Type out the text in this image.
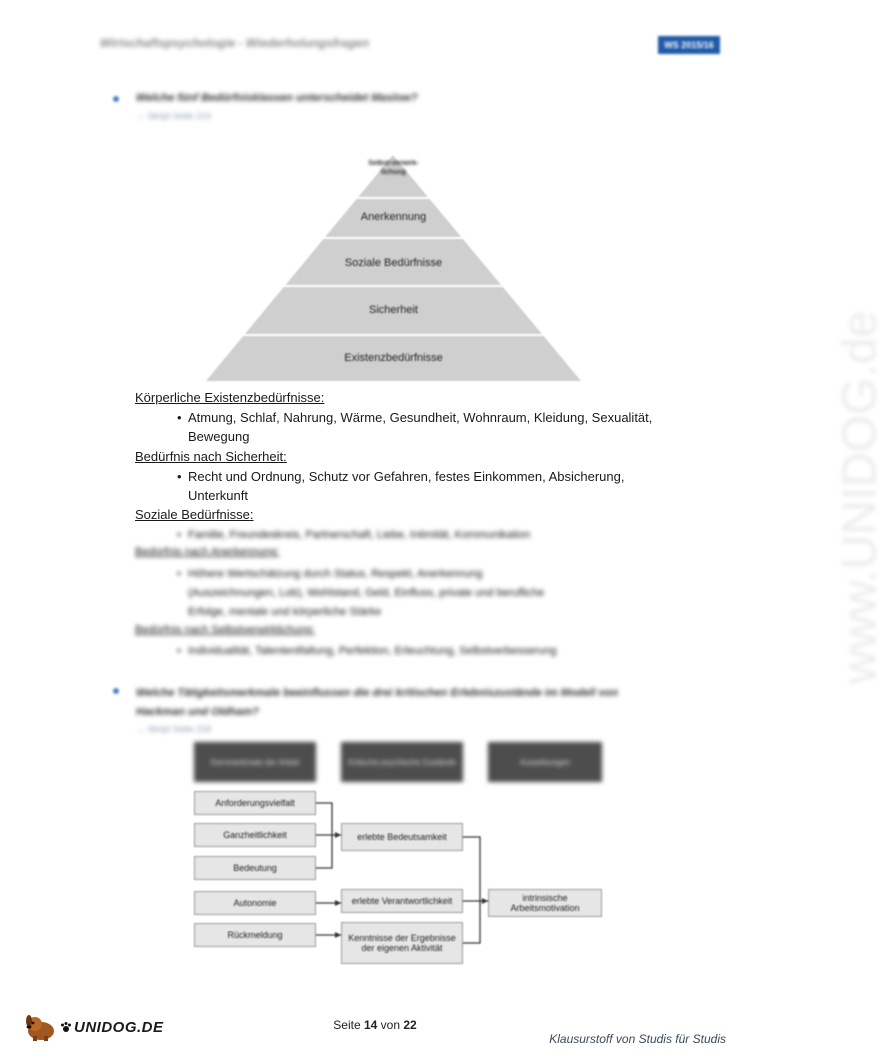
Wirtschaftspsychologie - Wiederholungsfragen	WS 2015/16
www.UNIDOG.de
Welche fünf Bedürfnisklassen unterscheidet Maslow?
→ Skript Seite 214
Selbst-verwirk-lichung
Anerkennung
Soziale Bedürfnisse
Sicherheit
Existenzbedürfnisse
Körperliche Existenzbedürfnisse:
• Atmung, Schlaf, Nahrung, Wärme, Gesundheit, Wohnraum, Kleidung, Sexualität,
Bewegung
Bedürfnis nach Sicherheit:
• Recht und Ordnung, Schutz vor Gefahren, festes Einkommen, Absicherung,
Unterkunft
Soziale Bedürfnisse:
• Familie, Freundeskreis, Partnerschaft, Liebe, Intimität, Kommunikation
Bedürfnis nach Anerkennung:
• Höhere Wertschätzung durch Status, Respekt, Anerkennung
(Auszeichnungen, Lob), Wohlstand, Geld, Einfluss, private und berufliche
Erfolge, mentale und körperliche Stärke
Bedürfnis nach Selbstverwirklichung:
• Individualität, Talententfaltung, Perfektion, Erleuchtung, Selbstverbesserung
Welche Tätigkeitsmerkmale beeinflussen die drei kritischen Erlebniszustände im Modell von
Hackman und Oldham?
→ Skript Seite 218
Kernmerkmale der Arbeit	Kritische psychische Zustände	Auswirkungen
Anforderungsvielfalt
Ganzheitlichkeit
Bedeutung
Autonomie
Rückmeldung
erlebte Bedeutsamkeit
erlebte Verantwortlichkeit
Kenntnisse der Ergebnisse der eigenen Aktivität
intrinsische Arbeitsmotivation
Seite 14 von 22
UNIDOG.DE
Klausurstoff von Studis für Studis
